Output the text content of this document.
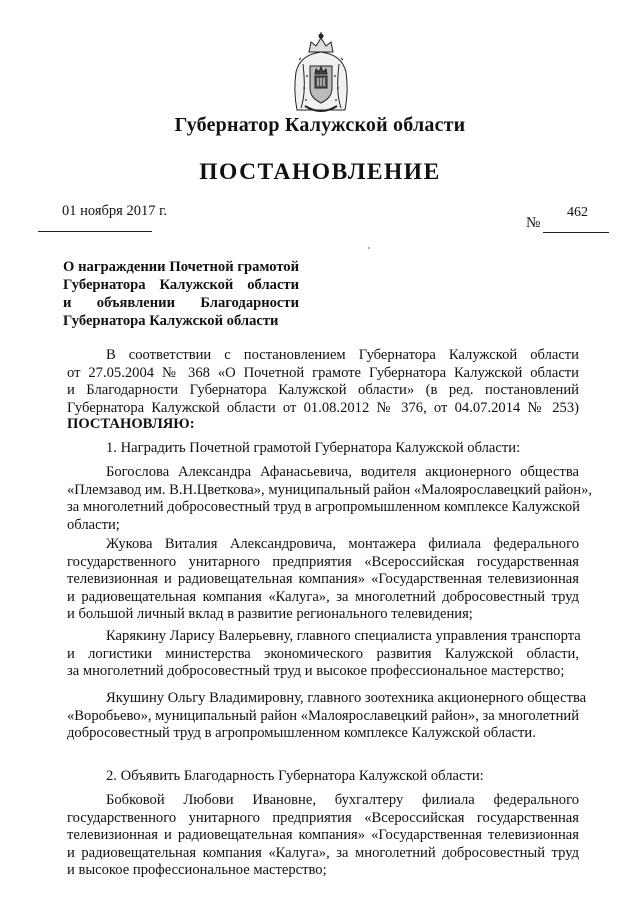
Губернатор Калужской области
ПОСТАНОВЛЕНИЕ
01 ноября 2017 г.	462
№
О награждении Почетной грамотой
Губернатора Калужской области
и объявлении Благодарности
Губернатора Калужской области
В соответствии с постановлением Губернатора Калужской области
от 27.05.2004 № 368 «О Почетной грамоте Губернатора Калужской области
и Благодарности Губернатора Калужской области» (в ред. постановлений
Губернатора Калужской области от 01.08.2012 № 376, от 04.07.2014 № 253)
ПОСТАНОВЛЯЮ:
1. Наградить Почетной грамотой Губернатора Калужской области:
Богослова Александра Афанасьевича, водителя акционерного общества
«Племзавод им. В.Н.Цветкова», муниципальный район «Малоярославецкий район»,
за многолетний добросовестный труд в агропромышленном комплексе Калужской
области;
Жукова Виталия Александровича, монтажера филиала федерального
государственного унитарного предприятия «Всероссийская государственная
телевизионная и радиовещательная компания» «Государственная телевизионная
и радиовещательная компания «Калуга», за многолетний добросовестный труд
и большой личный вклад в развитие регионального телевидения;
Карякину Ларису Валерьевну, главного специалиста управления транспорта
и логистики министерства экономического развития Калужской области,
за многолетний добросовестный труд и высокое профессиональное мастерство;
Якушину Ольгу Владимировну, главного зоотехника акционерного общества
«Воробьево», муниципальный район «Малоярославецкий район», за многолетний
добросовестный труд в агропромышленном комплексе Калужской области.
2. Объявить Благодарность Губернатора Калужской области:
Бобковой Любови Ивановне, бухгалтеру филиала федерального
государственного унитарного предприятия «Всероссийская государственная
телевизионная и радиовещательная компания» «Государственная телевизионная
и радиовещательная компания «Калуга», за многолетний добросовестный труд
и высокое профессиональное мастерство;
